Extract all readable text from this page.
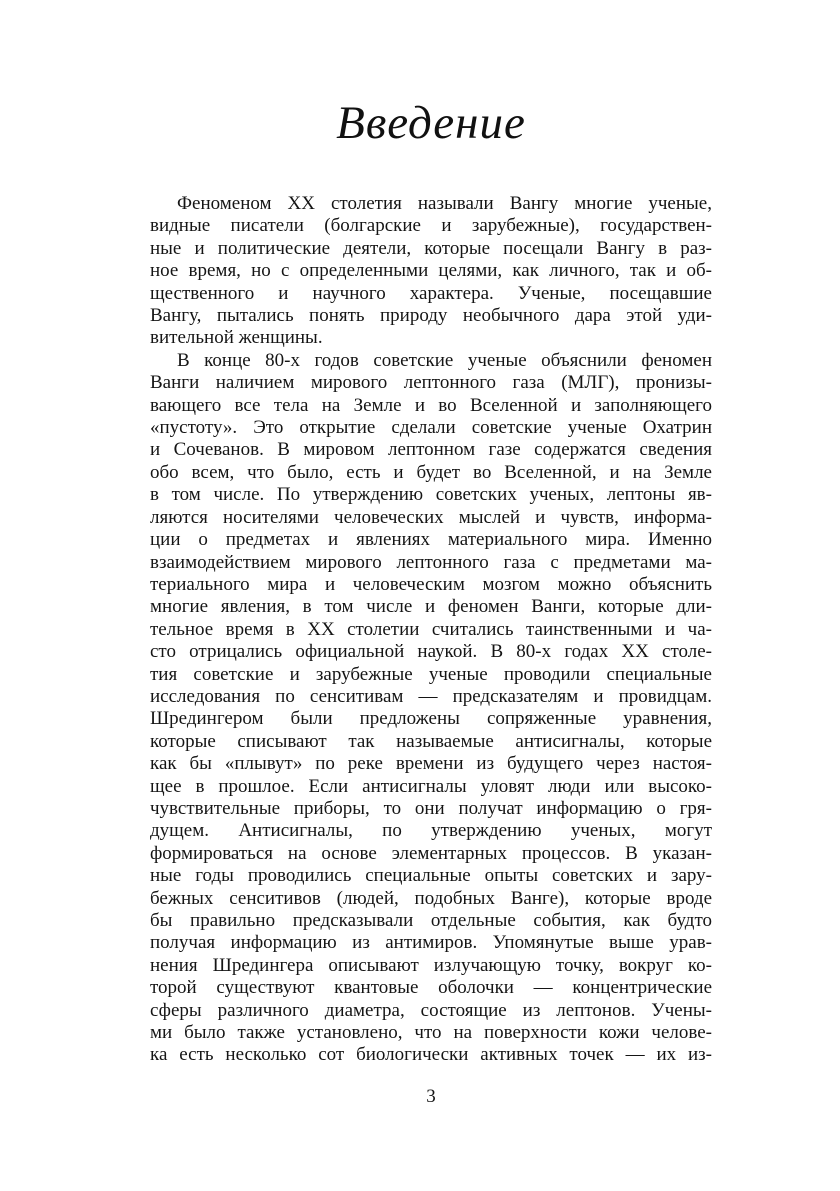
Введение
Феноменом XX столетия называли Вангу многие ученые,
видные писатели (болгарские и зарубежные), государствен-
ные и политические деятели, которые посещали Вангу в раз-
ное время, но с определенными целями, как личного, так и об-
щественного и научного характера. Ученые, посещавшие
Вангу, пытались понять природу необычного дара этой уди-
вительной женщины.
В конце 80-х годов советские ученые объяснили феномен
Ванги наличием мирового лептонного газа (МЛГ), пронизы-
вающего все тела на Земле и во Вселенной и заполняющего
«пустоту». Это открытие сделали советские ученые Охатрин
и Сочеванов. В мировом лептонном газе содержатся сведения
обо всем, что было, есть и будет во Вселенной, и на Земле
в том числе. По утверждению советских ученых, лептоны яв-
ляются носителями человеческих мыслей и чувств, информа-
ции о предметах и явлениях материального мира. Именно
взаимодействием мирового лептонного газа с предметами ма-
териального мира и человеческим мозгом можно объяснить
многие явления, в том числе и феномен Ванги, которые дли-
тельное время в XX столетии считались таинственными и ча-
сто отрицались официальной наукой. В 80-х годах XX столе-
тия советские и зарубежные ученые проводили специальные
исследования по сенситивам — предсказателям и провидцам.
Шредингером были предложены сопряженные уравнения,
которые списывают так называемые антисигналы, которые
как бы «плывут» по реке времени из будущего через настоя-
щее в прошлое. Если антисигналы уловят люди или высоко-
чувствительные приборы, то они получат информацию о гря-
дущем. Антисигналы, по утверждению ученых, могут
формироваться на основе элементарных процессов. В указан-
ные годы проводились специальные опыты советских и зару-
бежных сенситивов (людей, подобных Ванге), которые вроде
бы правильно предсказывали отдельные события, как будто
получая информацию из антимиров. Упомянутые выше урав-
нения Шредингера описывают излучающую точку, вокруг ко-
торой существуют квантовые оболочки — концентрические
сферы различного диаметра, состоящие из лептонов. Учены-
ми было также установлено, что на поверхности кожи челове-
ка есть несколько сот биологически активных точек — их из-
3
